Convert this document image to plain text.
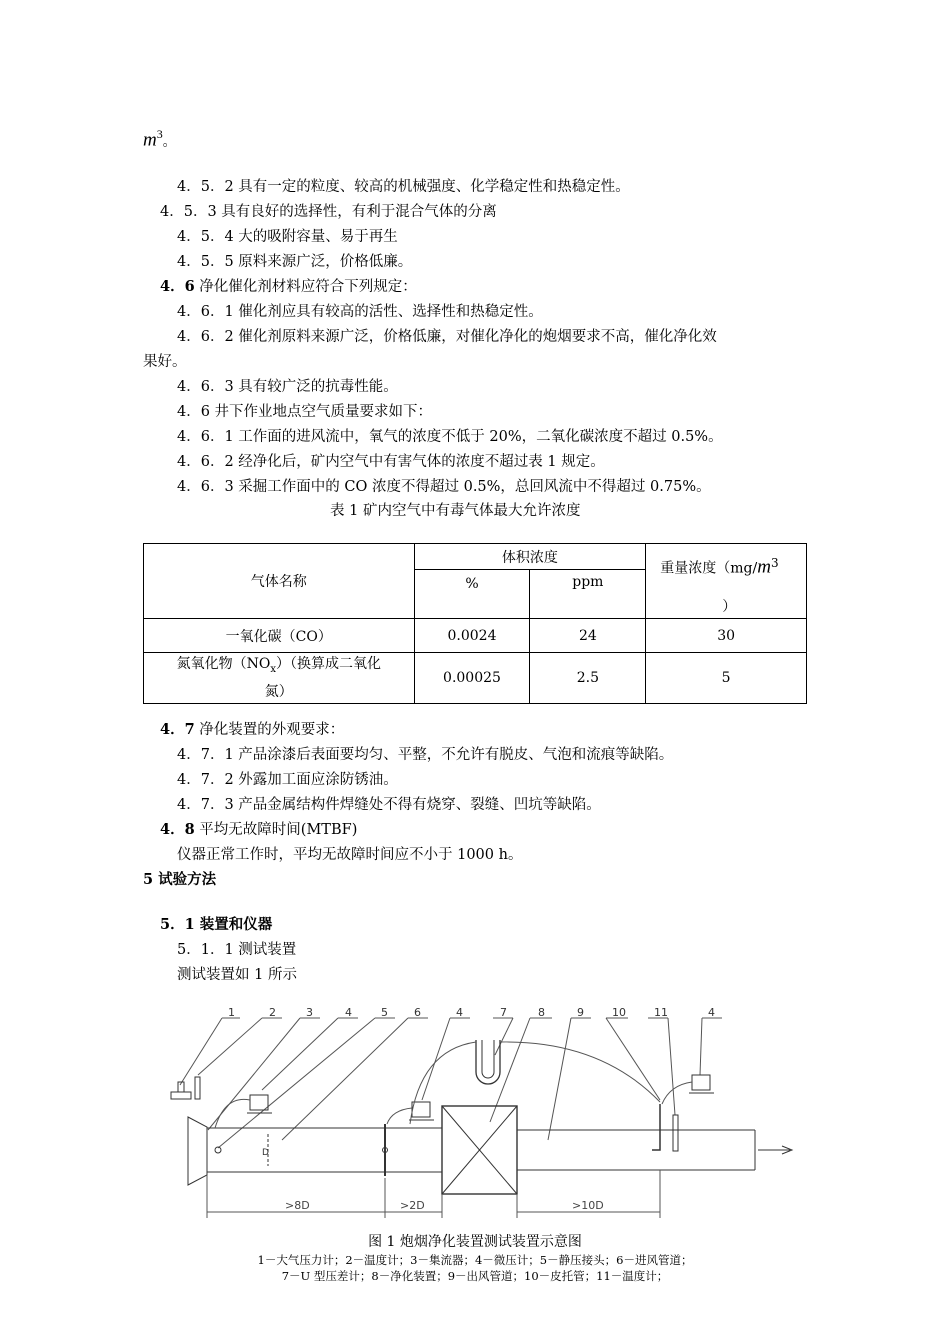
$m^3$。
4．5．2 具有一定的粒度、较高的机械强度、化学稳定性和热稳定性。
4．5．3 具有良好的选择性，有利于混合气体的分离
4．5．4 大的吸附容量、易于再生
4．5．5 原料来源广泛，价格低廉。
4．6 净化催化剂材料应符合下列规定：
4．6．1 催化剂应具有较高的活性、选择性和热稳定性。
4．6．2 催化剂原料来源广泛，价格低廉，对催化净化的炮烟要求不高，催化净化效
果好。
4．6．3 具有较广泛的抗毒性能。
4．6 井下作业地点空气质量要求如下：
4．6．1 工作面的进风流中，氧气的浓度不低于 20%，二氧化碳浓度不超过 0.5%。
4．6．2 经净化后，矿内空气中有害气体的浓度不超过表 1 规定。
4．6．3 采掘工作面中的 CO 浓度不得超过 0.5%，总回风流中不得超过 0.75%。
表 1 矿内空气中有毒气体最大允许浓度
气体名称	体积浓度		重量浓度（$mg/m^3$
）

	%	ppm	
一氧化碳（CO）	0.0024	24	30
氮氧化物$(NO_x)$（换算成二氧化
氮）	0.00025	2.5	5
4．7 净化装置的外观要求：
4．7．1 产品涂漆后表面要均匀、平整，不允许有脱皮、气泡和流痕等缺陷。
4．7．2 外露加工面应涂防锈油。
4．7．3 产品金属结构件焊缝处不得有烧穿、裂缝、凹坑等缺陷。
4．8 平均无故障时间(MTBF)
仪器正常工作时，平均无故障时间应不小于 1000 h。
5 试验方法
5．1 装置和仪器
5．1．1 测试装置
测试装置如 1 所示
1	2	3	4	5 6	4	7	8	9	10	11	4
D
>8D	>2D	>10D
图 1 炮烟净化装置测试装置示意图
1－大气压力计；2－温度计；3－集流器；4－微压计；5－静压接头；6－进风管道；
7－U 型压差计；8－净化装置；9－出风管道；10－皮托管；11－温度计；
